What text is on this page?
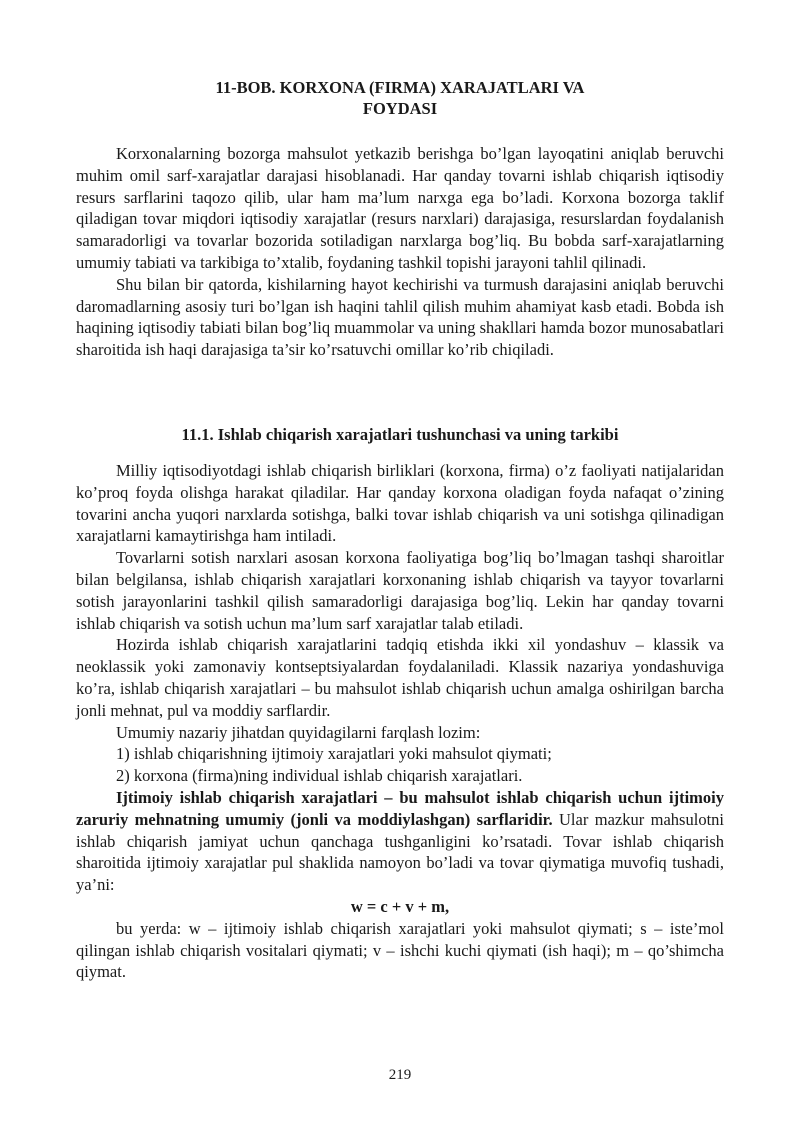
11-BOB. KORXONA (FIRMA) XARAJATLARI VA
FOYDASI

Korxonalarning bozorga mahsulot yetkazib berishga bo’lgan layoqatini aniqlab beruvchi muhim omil sarf-xarajatlar darajasi hisoblanadi. Har qanday tovarni ishlab chiqarish iqtisodiy resurs sarflarini taqozo qilib, ular ham ma’lum narxga ega bo’ladi. Korxona bozorga taklif qiladigan tovar miqdori iqtisodiy xarajatlar (resurs narxlari) darajasiga, resurslardan foydalanish samaradorligi va tovarlar bozorida sotiladigan narxlarga bog’liq. Bu bobda sarf-xarajatlarning umumiy tabiati va tarkibiga to’xtalib, foydaning tashkil topishi jarayoni tahlil qilinadi.

Shu bilan bir qatorda, kishilarning hayot kechirishi va turmush darajasini aniqlab beruvchi daromadlarning asosiy turi bo’lgan ish haqini tahlil qilish muhim ahamiyat kasb etadi. Bobda ish haqining iqtisodiy tabiati bilan bog’liq muammolar va uning shakllari hamda bozor munosabatlari sharoitida ish haqi darajasiga ta’sir ko’rsatuvchi omillar ko’rib chiqiladi.

11.1. Ishlab chiqarish xarajatlari tushunchasi va uning tarkibi

Milliy iqtisodiyotdagi ishlab chiqarish birliklari (korxona, firma) o’z faoliyati natijalaridan ko’proq foyda olishga harakat qiladilar. Har qanday korxona oladigan foyda nafaqat o’zining tovarini ancha yuqori narxlarda sotishga, balki tovar ishlab chiqarish va uni sotishga qilinadigan xarajatlarni kamaytirishga ham intiladi.

Tovarlarni sotish narxlari asosan korxona faoliyatiga bog’liq bo’lmagan tashqi sharoitlar bilan belgilansa, ishlab chiqarish xarajatlari korxonaning ishlab chiqarish va tayyor tovarlarni sotish jarayonlarini tashkil qilish samaradorligi darajasiga bog’liq. Lekin har qanday tovarni ishlab chiqarish va sotish uchun ma’lum sarf xarajatlar talab etiladi.

Hozirda ishlab chiqarish xarajatlarini tadqiq etishda ikki xil yondashuv – klassik va neoklassik yoki zamonaviy kontseptsiyalardan foydalaniladi. Klassik nazariya yondashuviga ko’ra, ishlab chiqarish xarajatlari – bu mahsulot ishlab chiqarish uchun amalga oshirilgan barcha jonli mehnat, pul va moddiy sarflardir.

Umumiy nazariy jihatdan quyidagilarni farqlash lozim:

1) ishlab chiqarishning ijtimoiy xarajatlari yoki mahsulot qiymati;

2) korxona (firma)ning individual ishlab chiqarish xarajatlari.

Ijtimoiy ishlab chiqarish xarajatlari – bu mahsulot ishlab chiqarish uchun ijtimoiy zaruriy mehnatning umumiy (jonli va moddiylashgan) sarflaridir. Ular mazkur mahsulotni ishlab chiqarish jamiyat uchun qanchaga tushganligini ko’rsatadi. Tovar ishlab chiqarish sharoitida ijtimoiy xarajatlar pul shaklida namoyon bo’ladi va tovar qiymatiga muvofiq tushadi, ya’ni:

w = c + v + m,

bu yerda: w – ijtimoiy ishlab chiqarish xarajatlari yoki mahsulot qiymati; s – iste’mol qilingan ishlab chiqarish vositalari qiymati; v – ishchi kuchi qiymati (ish haqi); m – qo’shimcha qiymat.

219
